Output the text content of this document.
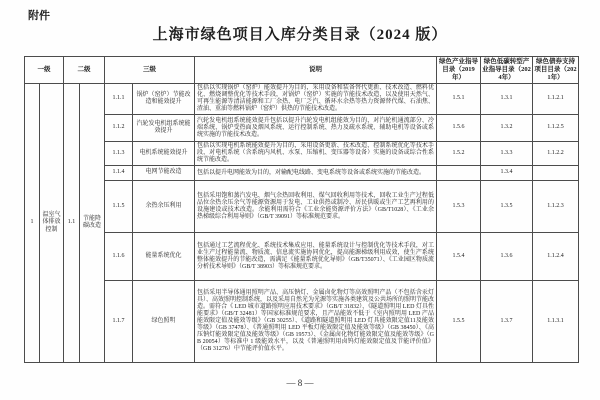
附件
上海市绿色项目入库分类目录（2024 版）
一级		二级		三级		说明	绿色产业指导目录（2019年）	绿色低碳转型产业指导目录（2024年）	绿色债券支持项目目录（2021年）
1	温室气体排放控制	1.1	节能降碳改造	1.1.1	锅炉（窑炉）节能改造和能效提升	包括以实现锅炉（窑炉）能效提升为目的，采用设备和装备替代更新、技术改造、燃料优化、燃烧调整优化等技术手段，对锅炉（窑炉）实施的节能技术改造，以及使用天然气、可再生能源等清洁能源和工厂余热、电厂乏汽、循环水余热等热力资源替代煤、石油焦、渣油、重油等燃料锅炉（窑炉）供热的节能技术改造。	1.5.1	1.3.1	1.1.2.1
				1.1.2	汽轮发电机组系统能效提升	汽轮发电机组系统能效提升包括以提升汽轮发电机组能效为目的，对汽轮机通流部分、冷端系统、锅炉受热面及烟风系统、运行控制系统、热力及疏水系统、辅助电机等设备或系统实施的节能技术改造。	1.5.6	1.3.2	1.1.2.5
				1.1.3	电机系统能效提升	包括以实现电机系统能效提升为目的，采用设备更新、技术改造、控制系统优化等技术手段，对电机系统（含系统内风机、水泵、压缩机、变压器等设备）实施的设备或综合性系统节能改造。	1.5.2	1.3.3	1.1.2.2
				1.1.4	电网节能改造	包括以提升电网能效为目的，对输配电线路、变电系统等设备或系统实施的节能改造。		1.3.4	
				1.1.5	余热余压利用	包括采用饱和蒸汽发电、烟气余热回收利用、煤气回收利用等技术，回收工业生产过程低品位余热余压余气等能源资源用于发电、工业供热或制冷、居民供暖或生产工艺再利用的设施建设或技术改造。余能利用需符合《工业余能资源评价方法》（GB/T1028）、《工业余热梯级综合利用导则》（GB/T 39091）等标准规范要求。	1.5.3	1.3.5	1.1.2.3
				1.1.6	能量系统优化	包括通过工艺流程优化、系统技术集成应用、能量系统设计与控制优化等技术手段，对工业生产过程能量流、物质流、信息流实施协同优化，提高能源梯级利用成效，使生产系统整体能效提升的节能改造，需满足《能量系统优化导则》（GB/T35071）、《工业园区物质流分析技术导则》（GB/T 38903）等标准规范要求。	1.5.4	1.3.6	1.1.2.4
				1.1.7	绿色照明	包括采用半导体通用照明产品、高压钠灯、金属卤化物灯等高效照明产品（不包括含汞灯具）、高效照明控制系统，以及采用自然光为光源等实施各类建筑及公共场所的照明节能改造。需符合《 LED 城市道路照明应用技术要求》（GB/T 31832）、《隧道照明用 LED 灯具性能要求》（GB/T 32481）等国家标准规范要求，且产品能效不低于《室内照明用 LED 产品能效限定值及能效等级》（GB 30255）、《道路和隧道照明用 LED 灯具能效限定值11及能效等级》（GB 37478）、《普通照明用 LED 平板灯能效限定值及能效等级》（GB 38450）、《高压钠灯能效限定值及能效等级》（GB 19573）、《金属卤化物灯能效限定值及能效等级》（GB 20054）等标准中 1 级能效水平，以及《普通照明用卤钨灯能效限定值及节能评价值》（GB 31276）中节能评价值水平。	1.5.5	1.3.7	1.1.3.1
— 8 —
